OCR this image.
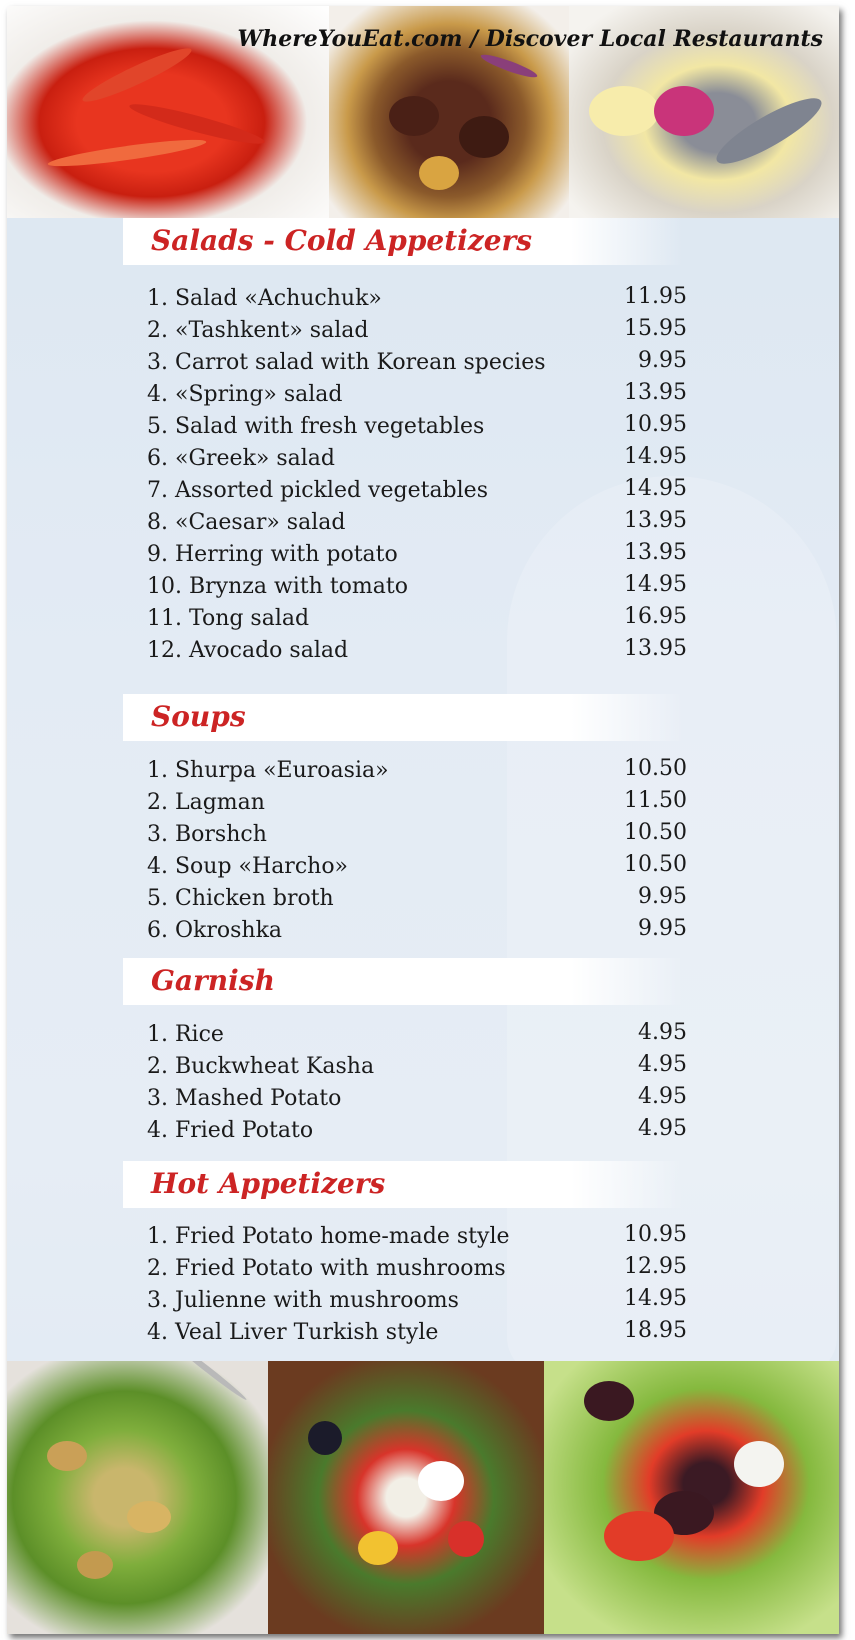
WhereYouEat.com / Discover Local Restaurants
Salads - Cold Appetizers
1. Salad «Achuchuk»	11.95
2. «Tashkent» salad	15.95
3. Carrot salad with Korean species	9.95
4. «Spring» salad	13.95
5. Salad with fresh vegetables	10.95
6. «Greek» salad	14.95
7. Assorted pickled vegetables	14.95
8. «Caesar» salad	13.95
9. Herring with potato	13.95
10. Brynza with tomato	14.95
11. Tong salad	16.95
12. Avocado salad	13.95
Soups
1. Shurpa «Euroasia»	10.50
2. Lagman	11.50
3. Borshch	10.50
4. Soup «Harcho»	10.50
5. Chicken broth	9.95
6. Okroshka	9.95
Garnish
1. Rice	4.95
2. Buckwheat Kasha	4.95
3. Mashed Potato	4.95
4. Fried Potato	4.95
Hot Appetizers
1. Fried Potato home-made style	10.95
2. Fried Potato with mushrooms	12.95
3. Julienne with mushrooms	14.95
4. Veal Liver Turkish style	18.95
